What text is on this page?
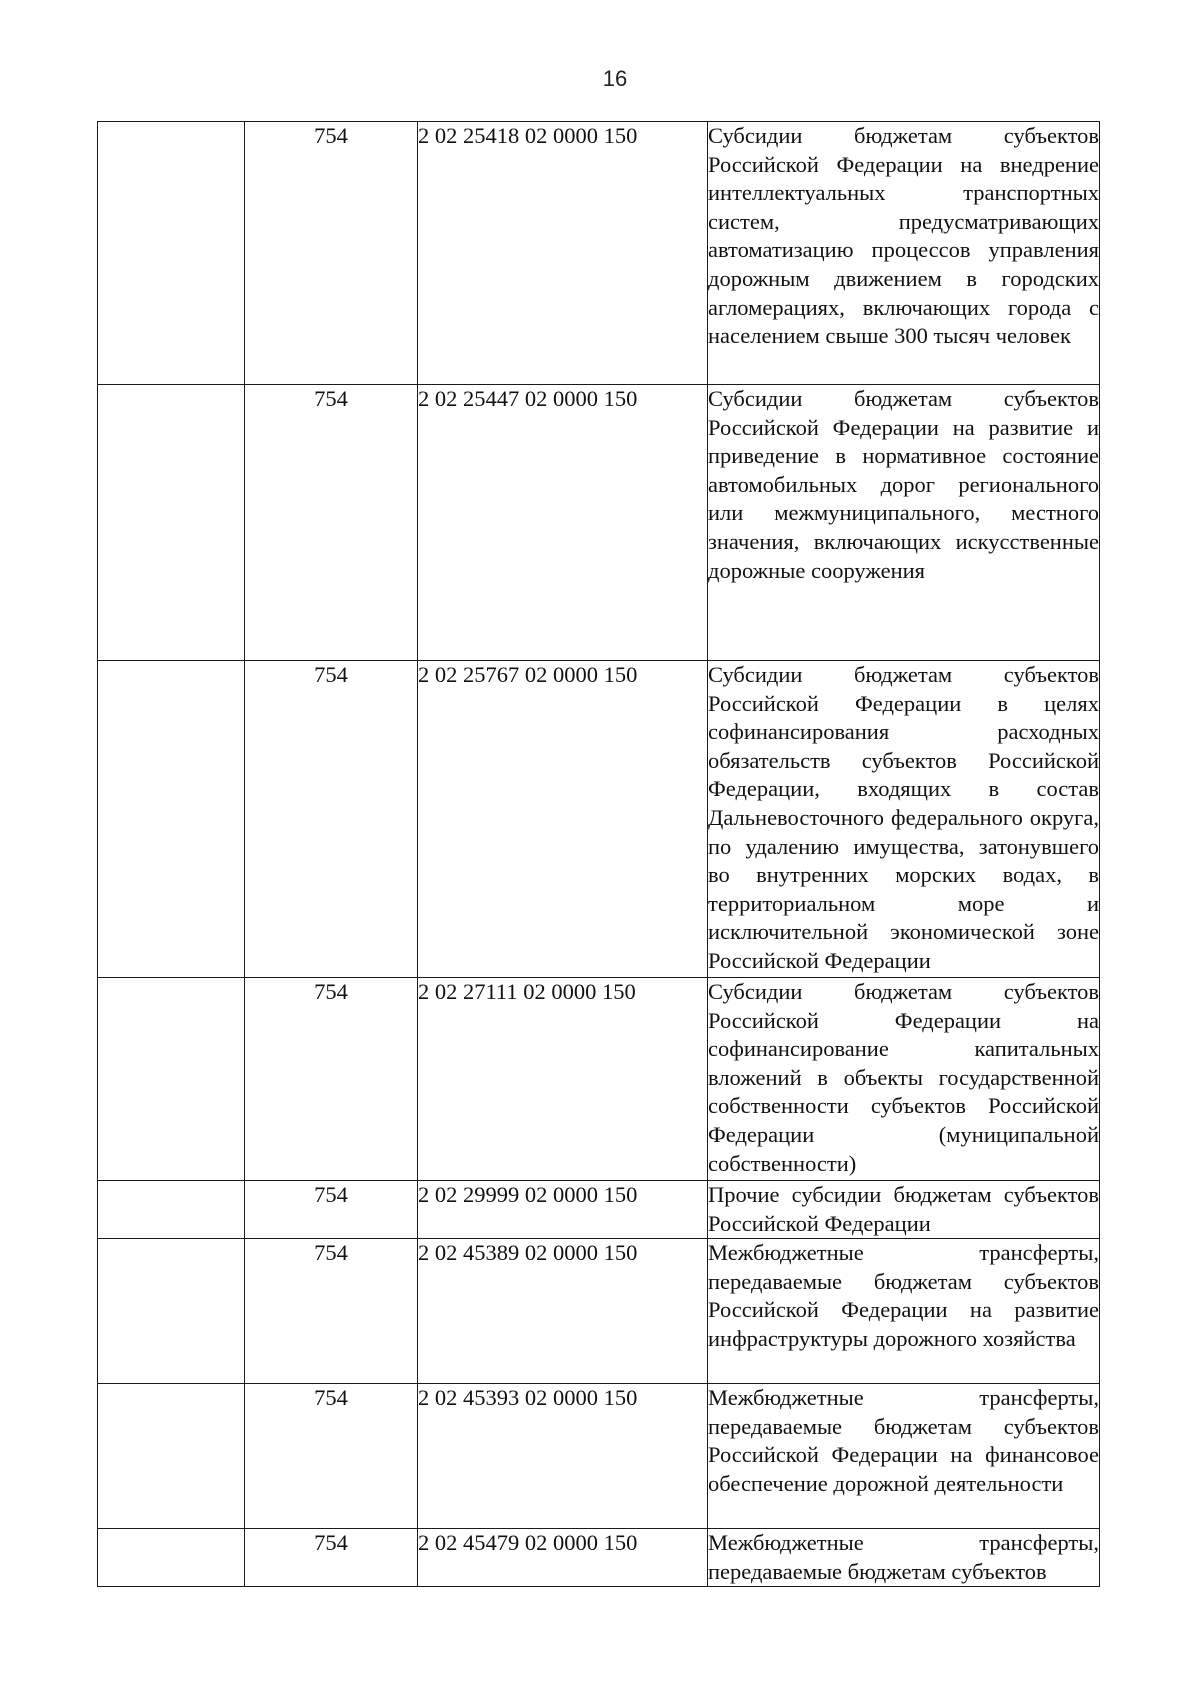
16
	754	2 02 25418 02 0000 150	Субсидии бюджетам субъектов Российской Федерации на внедрение интеллектуальных транспортных систем, предусматривающих автоматизацию процессов управления дорожным движением в городских агломерациях, включающих города с населением свыше 300 тысяч человек
	754	2 02 25447 02 0000 150	Субсидии бюджетам субъектов Российской Федерации на развитие и приведение в нормативное состояние автомобильных дорог регионального или межмуниципального, местного значения, включающих искусственные дорожные сооружения
	754	2 02 25767 02 0000 150	Субсидии бюджетам субъектов Российской Федерации в целях софинансирования расходных обязательств субъектов Российской Федерации, входящих в состав Дальневосточного федерального округа, по удалению имущества, затонувшего во внутренних морских водах, в территориальном море и исключительной экономической зоне Российской Федерации
	754	2 02 27111 02 0000 150	Субсидии бюджетам субъектов Российской Федерации на софинансирование капитальных вложений в объекты государственной собственности субъектов Российской Федерации (муниципальной собственности)
	754	2 02 29999 02 0000 150	Прочие субсидии бюджетам субъектов Российской Федерации
	754	2 02 45389 02 0000 150	Межбюджетные трансферты, передаваемые бюджетам субъектов Российской Федерации на развитие инфраструктуры дорожного хозяйства
	754	2 02 45393 02 0000 150	Межбюджетные трансферты, передаваемые бюджетам субъектов Российской Федерации на финансовое обеспечение дорожной деятельности
	754	2 02 45479 02 0000 150	Межбюджетные трансферты, передаваемые бюджетам субъектов
